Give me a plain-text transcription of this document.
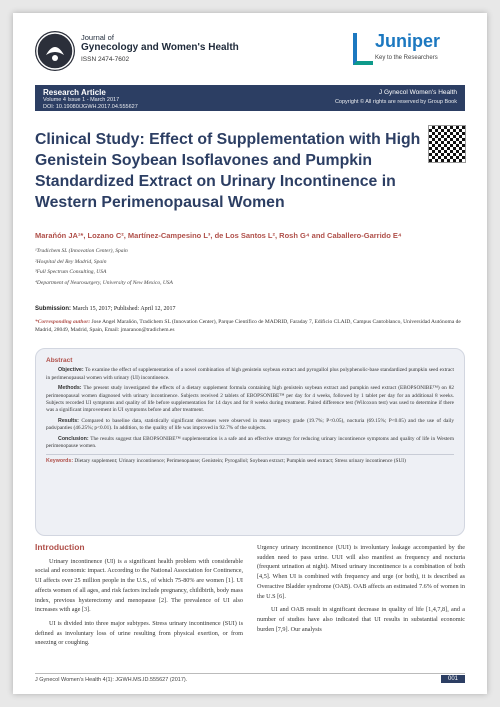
Journal of
Gynecology and Women's Health
ISSN 2474-7602
Juniper
Key to the Researchers
Research Article
Volume 4 Issue 1 - March 2017
DOI: 10.19080/JGWH.2017.04.555627
J Gynecol Women's Health
Copyright © All rights are reserved by Group Book
Clinical Study: Effect of Supplementation with High Genistein Soybean Isoflavones and Pumpkin Standardized Extract on Urinary Incontinence in Western Perimenopausal Women
Maraňón JA¹*, Lozano C², Martínez-Campesino L³, de Los Santos L², Rosh G⁴ and Caballero-Garrido E⁴
¹Tradichem SL (Innovation Center), Spain
²Hospital del Rey Madrid, Spain
³Full Spectrum Consulting, USA
⁴Department of Neurosurgery, University of New Mexico, USA
Submission: March 15, 2017; Published: April 12, 2017
*Corresponding author: Jose Angel Maraňón, Tradichem SL (Innovation Center), Parque Científico de MADRID, Faraday 7, Edificio CLAID, Campus Cantoblanco, Universidad Autónoma de Madrid, 28049, Madrid, Spain, Email: jmaranon@tradichem.es
Abstract

Objective: To examine the effect of supplementation of a novel combination of high genistein soybean extract and pyrogallol plus polyphenolic-base standardized pumpkin seed extract in perimenopausal women with urinary (UI) incontinence.

Methods: The present study investigated the effects of a dietary supplement formula containing high genistein soybean extract and pumpkin seed extract (EBOPSONIBE™) on 82 perimenopausal women diagnosed with urinary incontinence. Subjects received 2 tablets of EBOPSONIBE™ per day for 4 weeks, followed by 1 tablet per day for an additional 8 weeks. Subjects recorded UI symptoms and quality of life before supplementation for 14 days and for 8 weeks during treatment. Paired difference test (Wilcoxon test) was used to determine if there was a significant improvement in UI symptoms before and after treatment.

Results: Compared to baseline data, statistically significant decreases were observed in mean urgency grade (19.7%; P<0.05), nocturia (69.15%; P<0.05) and the use of daily pads/panties (46.25%; p<0.01). In addition, to the quality of life was improved in 92.7% of the subjects.

Conclusion: The results suggest that EBOPSONIBE™ supplementation is a safe and an effective strategy for reducing urinary incontinence symptoms and quality of life in Western perimenopause women.

Keywords: Dietary supplement; Urinary incontinence; Perimenopause; Genistein; Pyrogallol; Soybean extract; Pumpkin seed extract; Stress urinary incontinence (SUI)
Introduction

Urinary incontinence (UI) is a significant health problem with considerable social and economic impact. According to the National Association for Continence, UI affects over 25 million people in the U.S., of which 75-80% are women [1]. UI affects women of all ages, and risk factors include pregnancy, childbirth, body mass index, previous hysterectomy and menopause [2]. The prevalence of UI also increases with age [3].

UI is divided into three major subtypes. Stress urinary incontinence (SUI) is defined as involuntary loss of urine resulting from physical exertion, or from sneezing or coughing.

Urgency urinary incontinence (UUI) is involuntary leakage accompanied by the sudden need to pass urine. UUI will also manifest as frequency and nocturia (frequent urination at night). Mixed urinary incontinence is a combination of both [4,5]. When UI is combined with frequency and urge (or both), it is described as Overactive Bladder syndrome (OAB). OAB affects an estimated 7.6% of women in the U.S [6].

UI and OAB result in significant decrease in quality of life [1,4,7,8], and a number of studies have also indicated that UI results in substantial economic burden [7,9]. Our analysis

J Gynecol Women's Health 4(1): JGWH.MS.ID.555627 (2017).	001
